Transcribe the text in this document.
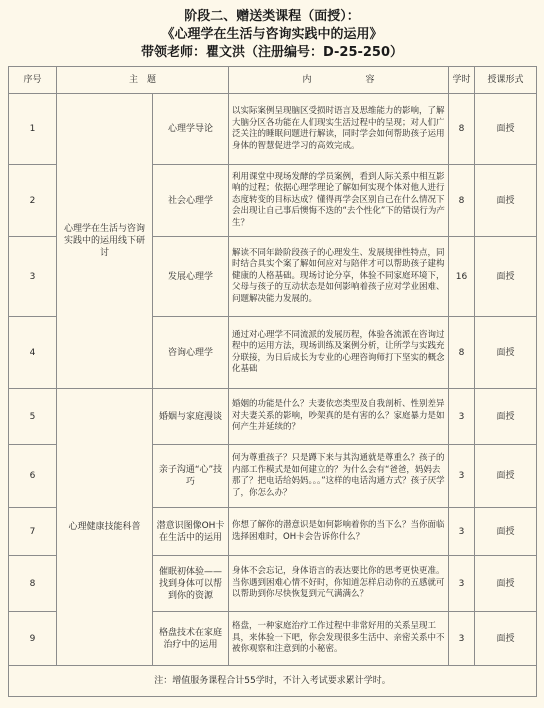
阶段二、赠送类课程（面授）：
《心理学在生活与咨询实践中的运用》
带领老师：瞿文洪（注册编号：D-25-250）
序号	主　题		内　　　　　　容	学时	授课形式
1	心理学在生活与咨询实践中的运用线下研讨	心理学导论	以实际案例呈现脑区受损时语言及思维能力的影响，了解大脑分区各功能在人们现实生活过程中的呈现；对人们广泛关注的睡眠问题进行解读，同时学会如何帮助孩子运用身体的智慧促进学习的高效完成。	8	面授
2		社会心理学	利用课堂中现场发酵的学员案例，看到人际关系中相互影响的过程；依据心理学理论了解如何实现个体对他人进行态度转变的目标达成？懂得再学会区别自己在什么情况下会出现让自己事后懊悔不迭的“去个性化”下的错误行为产生？	8	面授
3		发展心理学	解读不同年龄阶段孩子的心理发生、发展规律性特点，同时结合具实个案了解如何应对与陪伴才可以帮助孩子建构健康的人格基础。现场讨论分享，体验不同家庭环境下，父母与孩子的互动状态是如何影响着孩子应对学业困难、问题解决能力发展的。	16	面授
4		咨询心理学	通过对心理学不同流派的发展历程，体验各流派在咨询过程中的运用方法，现场训练及案例分析，让所学与实践充分联接，为日后成长为专业的心理咨询师打下坚实的概念化基础	8	面授
5	心理健康技能科普	婚姻与家庭漫谈	婚姻的功能是什么？夫妻依恋类型及自我剖析、性别差异对夫妻关系的影响，吵架真的是有害的么？家庭暴力是如何产生并延续的？	3	面授
6		亲子沟通“心”技巧	何为尊重孩子？只是蹲下来与其沟通就是尊重么？孩子的内部工作模式是如何建立的？为什么会有“爸爸，妈妈去那了？把电话给妈妈。。。”这样的电话沟通方式？孩子厌学了，你怎么办？	3	面授
7		潜意识图像OH卡在生活中的运用	你想了解你的潜意识是如何影响着你的当下么？当你面临选择困难时，OH卡会告诉你什么？	3	面授
8		催眠初体验——找到身体可以帮到你的资源	身体不会忘记，身体语言的表达要比你的思考更快更准。当你遇到困难心情不好时，你知道怎样启动你的五感就可以帮助到你尽快恢复到元气满满么？	3	面授
9		格盘技术在家庭治疗中的运用	格盘，一种家庭治疗工作过程中非常好用的关系呈现工具，来体验一下吧，你会发现很多生活中、亲密关系中不被你观察和注意到的小秘密。	3	面授
注：增值服务课程合计55学时，不计入考试要求累计学时。					
